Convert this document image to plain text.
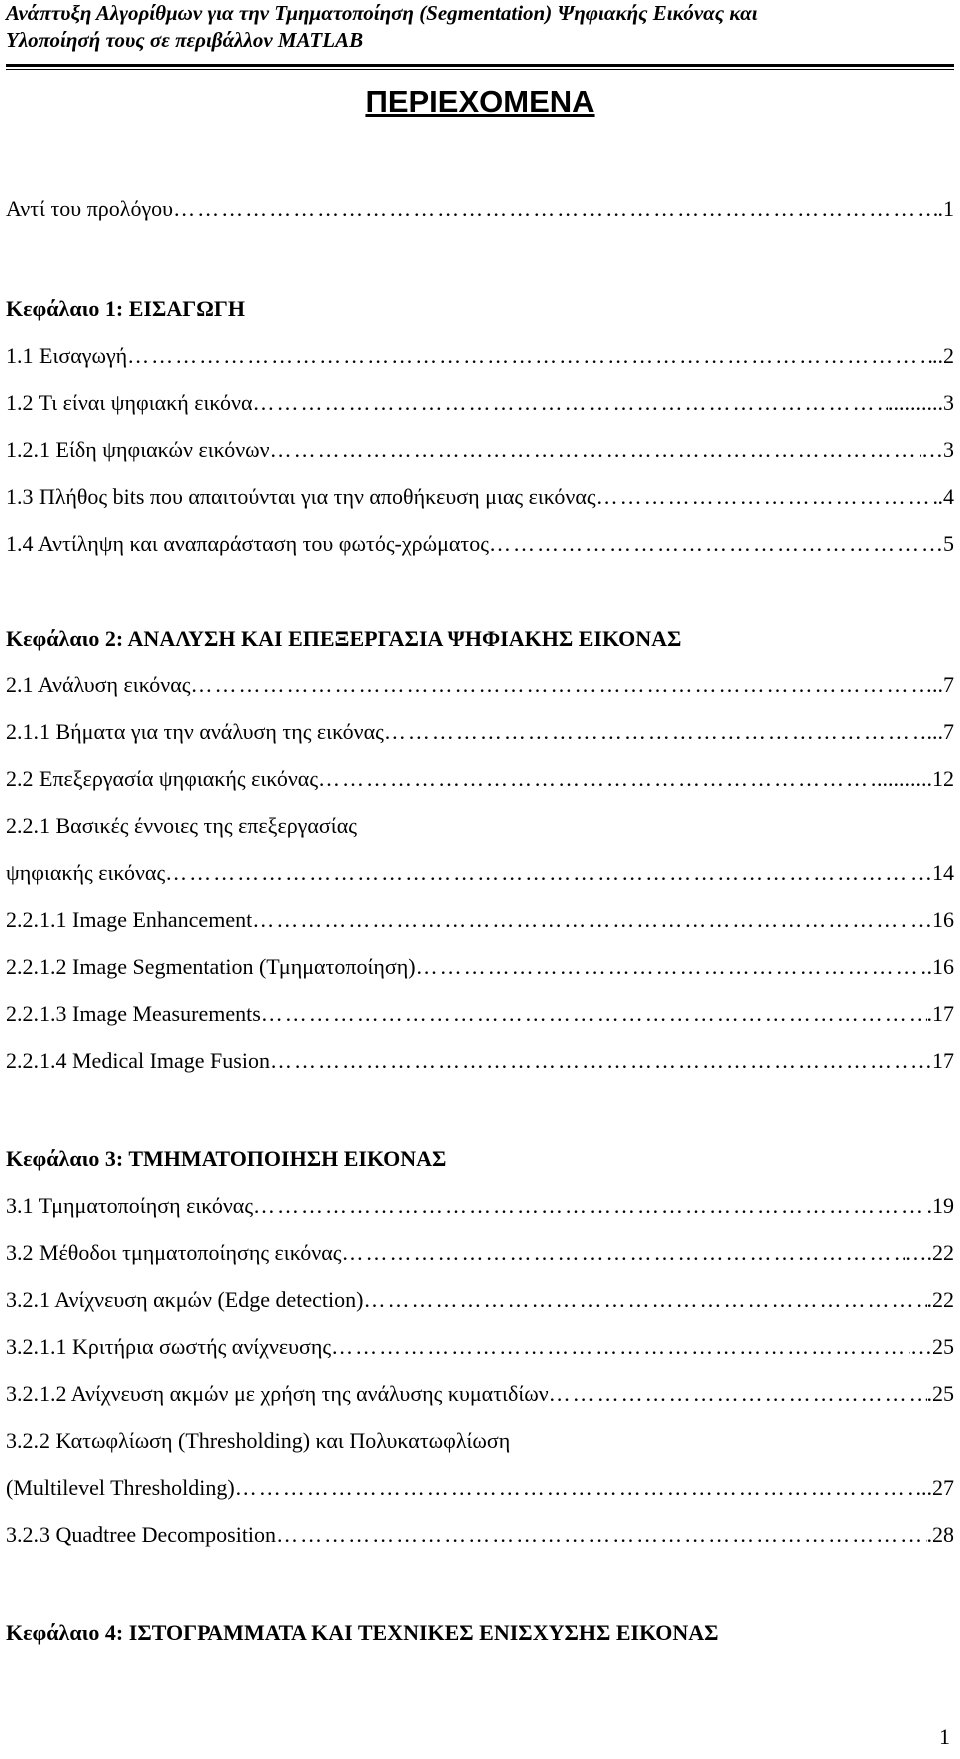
Ανάπτυξη Αλγορίθμων για την Τμηματοποίηση (Segmentation) Ψηφιακής Εικόνας και
Υλοποίησή τους σε περιβάλλον MATLAB
ΠΕΡΙΕΧΟΜΕΝΑ
Αντί του προλόγου …………………………………………………………………………………………………………	.1
Κεφάλαιο 1: ΕΙΣΑΓΩΓΗ
1.1 Εισαγωγή …………………………………………………………………………………………………………	..2
1.2 Τι είναι ψηφιακή εικόνα …………………………………………………………………………………………………………	..........3
1.2.1 Είδη ψηφιακών εικόνων …………………………………………………………………………………………………………	…3
1.3 Πλήθος bits που απαιτούνται για την αποθήκευση μιας εικόνας …………………………………………………………………………………………………………	.4
1.4 Αντίληψη και αναπαράσταση του φωτός-χρώματος …………………………………………………………………………………………………………	…5
Κεφάλαιο 2: ΑΝΑΛΥΣΗ ΚΑΙ ΕΠΕΞΕΡΓΑΣΙΑ ΨΗΦΙΑΚΗΣ ΕΙΚΟΝΑΣ
2.1 Ανάλυση εικόνας …………………………………………………………………………………………………………	..7
2.1.1 Βήματα για την ανάλυση της εικόνας …………………………………………………………………………………………………………	...7
2.2 Επεξεργασία ψηφιακής εικόνας …………………………………………………………………………………………………………	..........12
2.2.1 Βασικές έννοιες της επεξεργασίας
ψηφιακής εικόνας …………………………………………………………………………………………………………	…14
2.2.1.1 Image Enhancement …………………………………………………………………………………………………………	…16
2.2.1.2 Image Segmentation (Τμηματοποίηση) …………………………………………………………………………………………………………	.16
2.2.1.3 Image Measurements …………………………………………………………………………………………………………	.17
2.2.1.4 Medical Image Fusion …………………………………………………………………………………………………………	…17
Κεφάλαιο 3: ΤΜΗΜΑΤΟΠΟΙΗΣΗ ΕΙΚΟΝΑΣ
3.1 Τμηματοποίηση εικόνας …………………………………………………………………………………………………………	.19
3.2 Μέθοδοι τμηματοποίησης εικόνας …………………………………………………………………………………………………………	….22
3.2.1 Ανίχνευση ακμών (Edge detection) …………………………………………………………………………………………………………	.22
3.2.1.1 Κριτήρια σωστής ανίχνευσης …………………………………………………………………………………………………………	…25
3.2.1.2 Ανίχνευση ακμών με χρήση της ανάλυσης κυματιδίων …………………………………………………………………………………………………………	.25
3.2.2 Κατωφλίωση (Thresholding) και Πολυκατωφλίωση
(Multilevel Thresholding) …………………………………………………………………………………………………………	...27
3.2.3 Quadtree Decomposition …………………………………………………………………………………………………………	.28
Κεφάλαιο 4: ΙΣΤΟΓΡΑΜΜΑΤΑ ΚΑΙ ΤΕΧΝΙΚΕΣ ΕΝΙΣΧΥΣΗΣ ΕΙΚΟΝΑΣ
1
